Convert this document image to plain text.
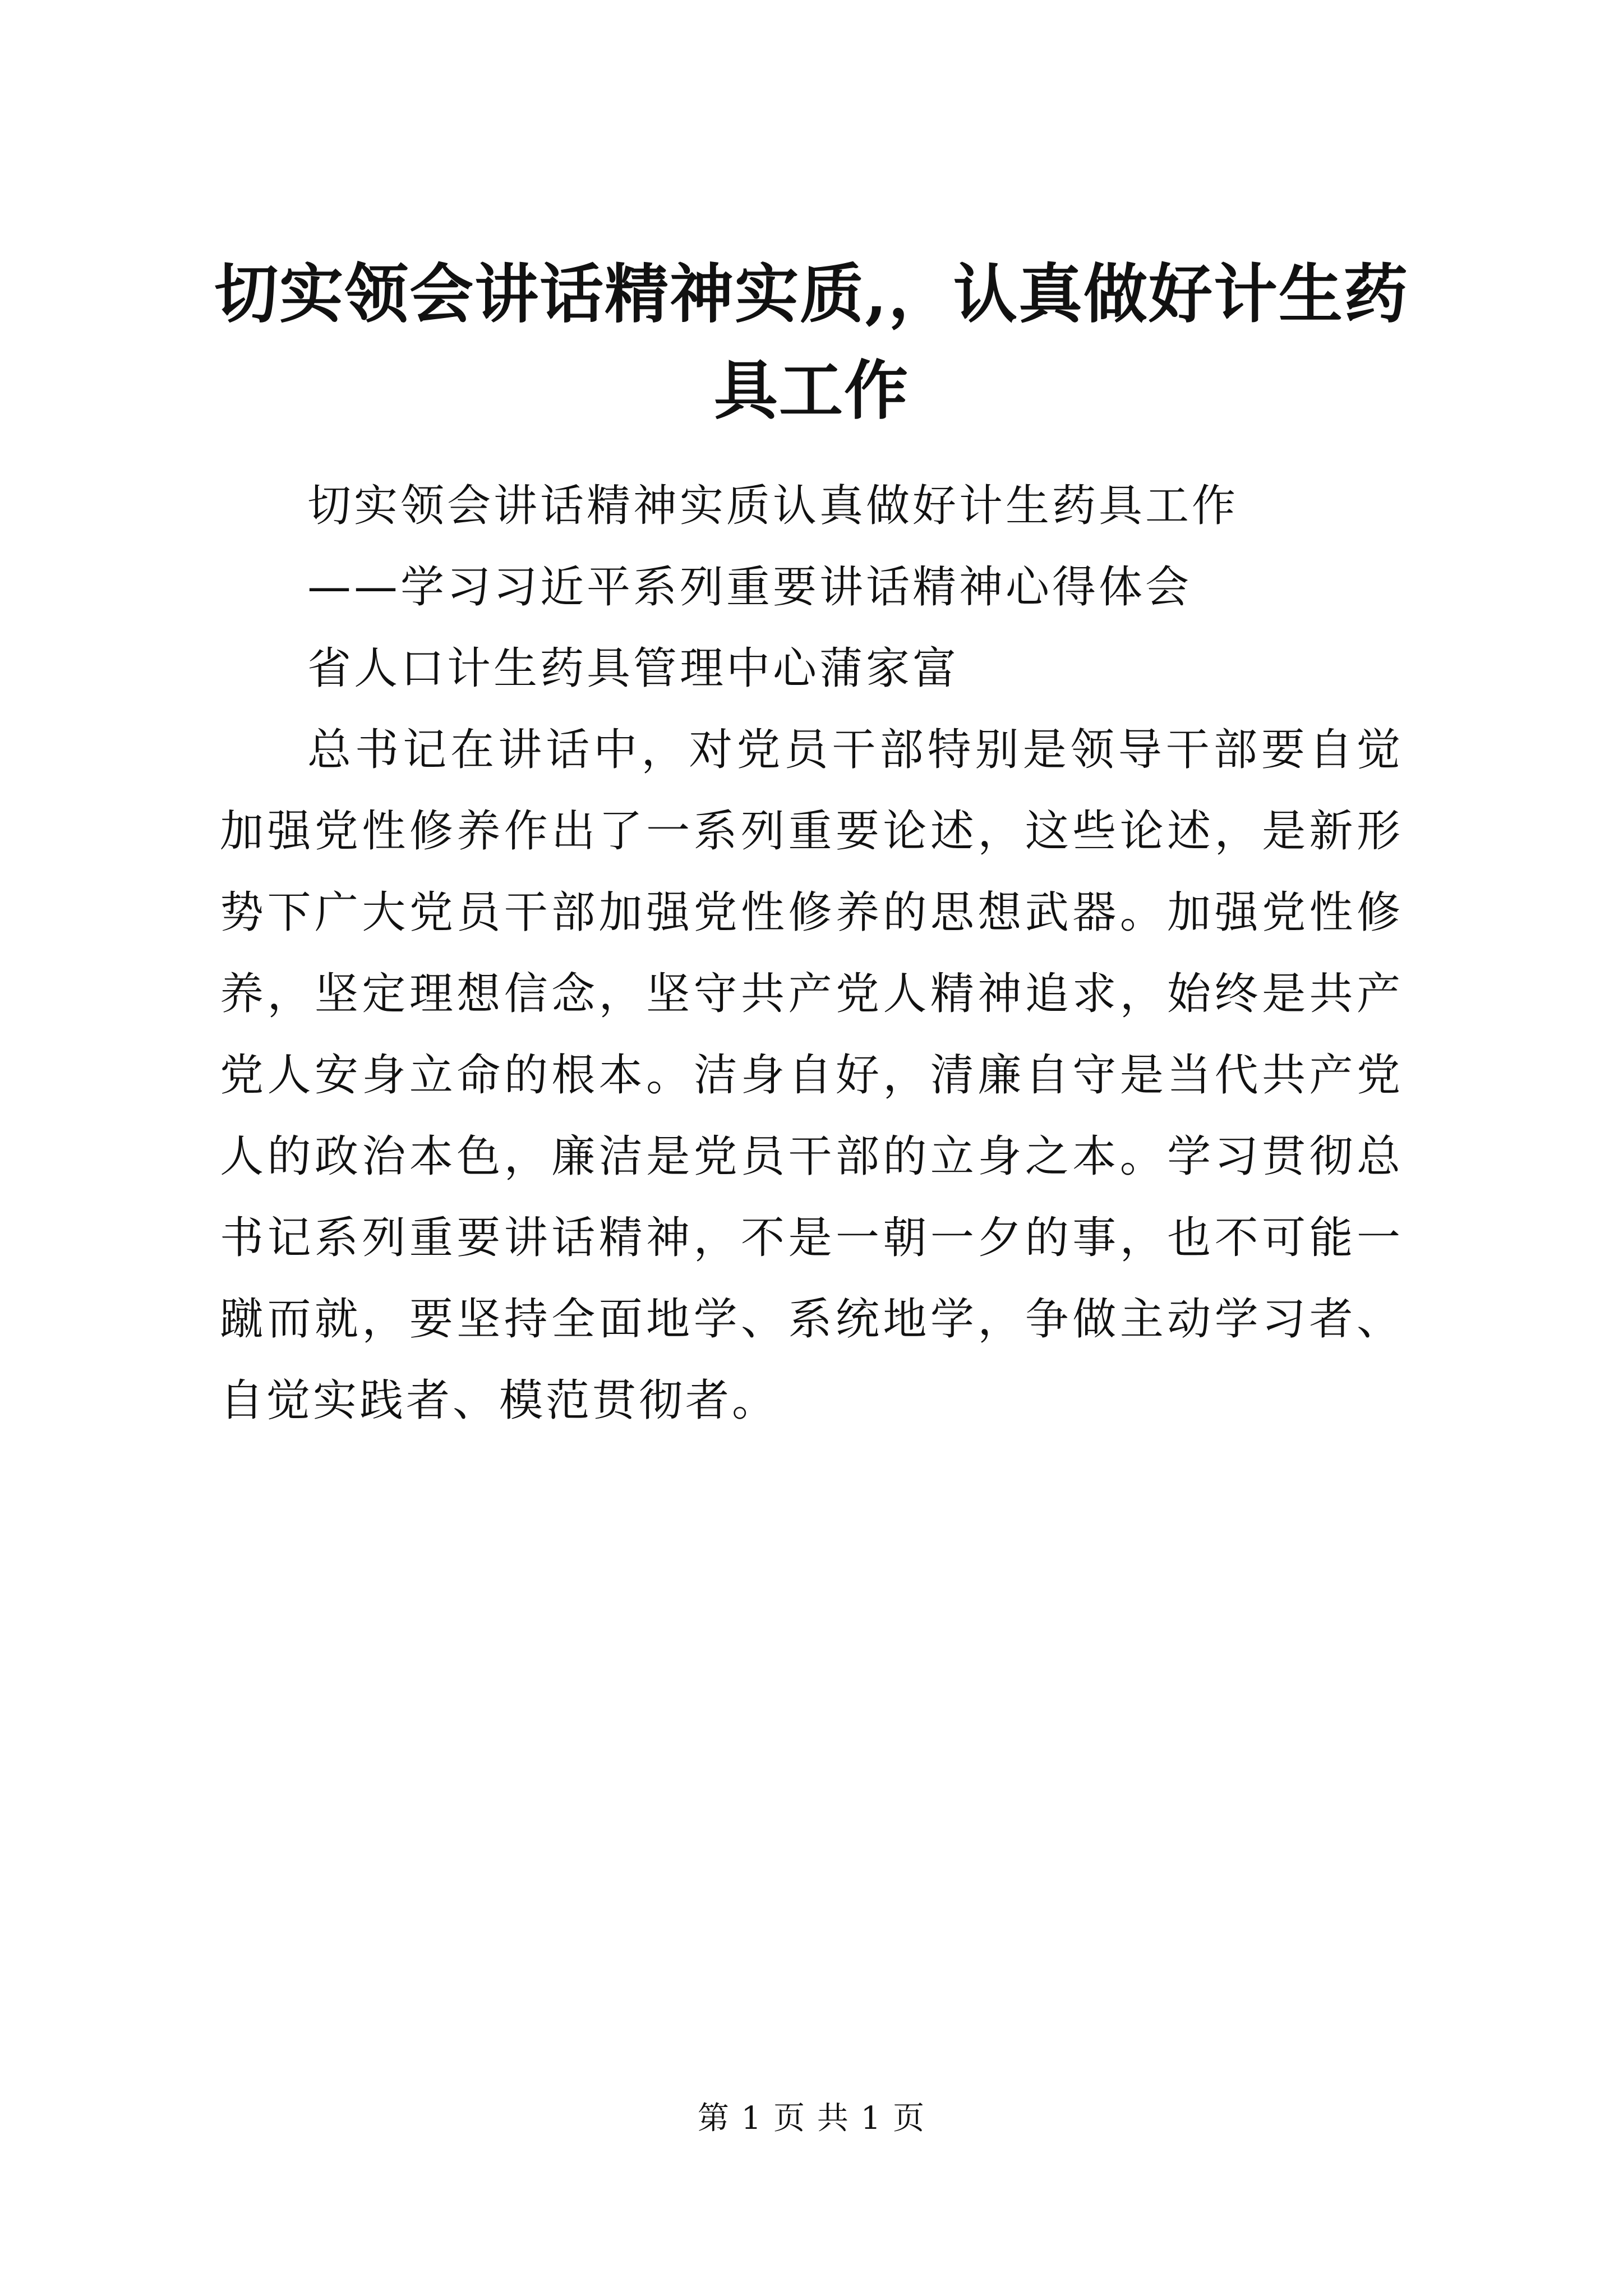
切实领会讲话精神实质,，认真做好计生药具工作

切实领会讲话精神实质认真做好计生药具工作

——学习习近平系列重要讲话精神心得体会

省人口计生药具管理中心蒲家富

总书记在讲话中，对党员干部特别是领导干部要自觉加强党性修养作出了一系列重要论述，这些论述，是新形势下广大党员干部加强党性修养的思想武器。加强党性修养，坚定理想信念，坚守共产党人精神追求，始终是共产党人安身立命的根本。洁身自好，清廉自守是当代共产党人的政治本色，廉洁是党员干部的立身之本。学习贯彻总书记系列重要讲话精神，不是一朝一夕的事，也不可能一蹴而就，要坚持全面地学、系统地学，争做主动学习者、自觉实践者、模范贯彻者。

第 1 页 共 1 页
